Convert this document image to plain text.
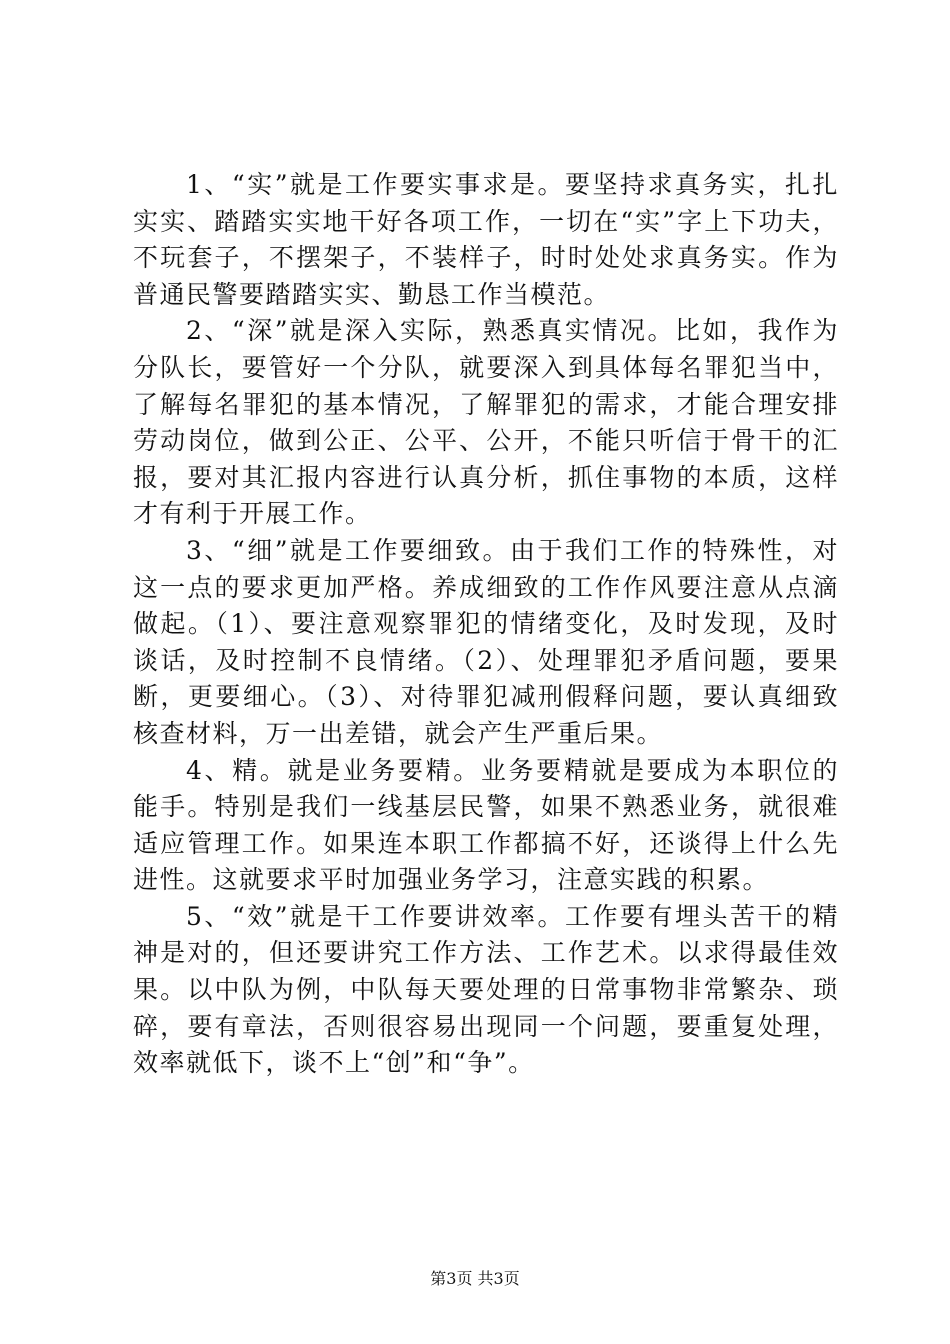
1、“实”就是工作要实事求是。要坚持求真务实，扎扎实实、踏踏实实地干好各项工作，一切在“实”字上下功夫，不玩套子，不摆架子，不装样子，时时处处求真务实。作为普通民警要踏踏实实、勤恳工作当模范。

2、“深”就是深入实际，熟悉真实情况。比如，我作为分队长，要管好一个分队，就要深入到具体每名罪犯当中，了解每名罪犯的基本情况，了解罪犯的需求，才能合理安排劳动岗位，做到公正、公平、公开，不能只听信于骨干的汇报，要对其汇报内容进行认真分析，抓住事物的本质，这样才有利于开展工作。

3、“细”就是工作要细致。由于我们工作的特殊性，对这一点的要求更加严格。养成细致的工作作风要注意从点滴做起。（1）、要注意观察罪犯的情绪变化，及时发现，及时谈话，及时控制不良情绪。（2）、处理罪犯矛盾问题，要果断，更要细心。（3）、对待罪犯减刑假释问题，要认真细致核查材料，万一出差错，就会产生严重后果。

4、精。就是业务要精。业务要精就是要成为本职位的能手。特别是我们一线基层民警，如果不熟悉业务，就很难适应管理工作。如果连本职工作都搞不好，还谈得上什么先进性。这就要求平时加强业务学习，注意实践的积累。

5、“效”就是干工作要讲效率。工作要有埋头苦干的精神是对的，但还要讲究工作方法、工作艺术。以求得最佳效果。以中队为例，中队每天要处理的日常事物非常繁杂、琐碎，要有章法，否则很容易出现同一个问题，要重复处理，效率就低下，谈不上“创”和“争”。

第3页 共3页
